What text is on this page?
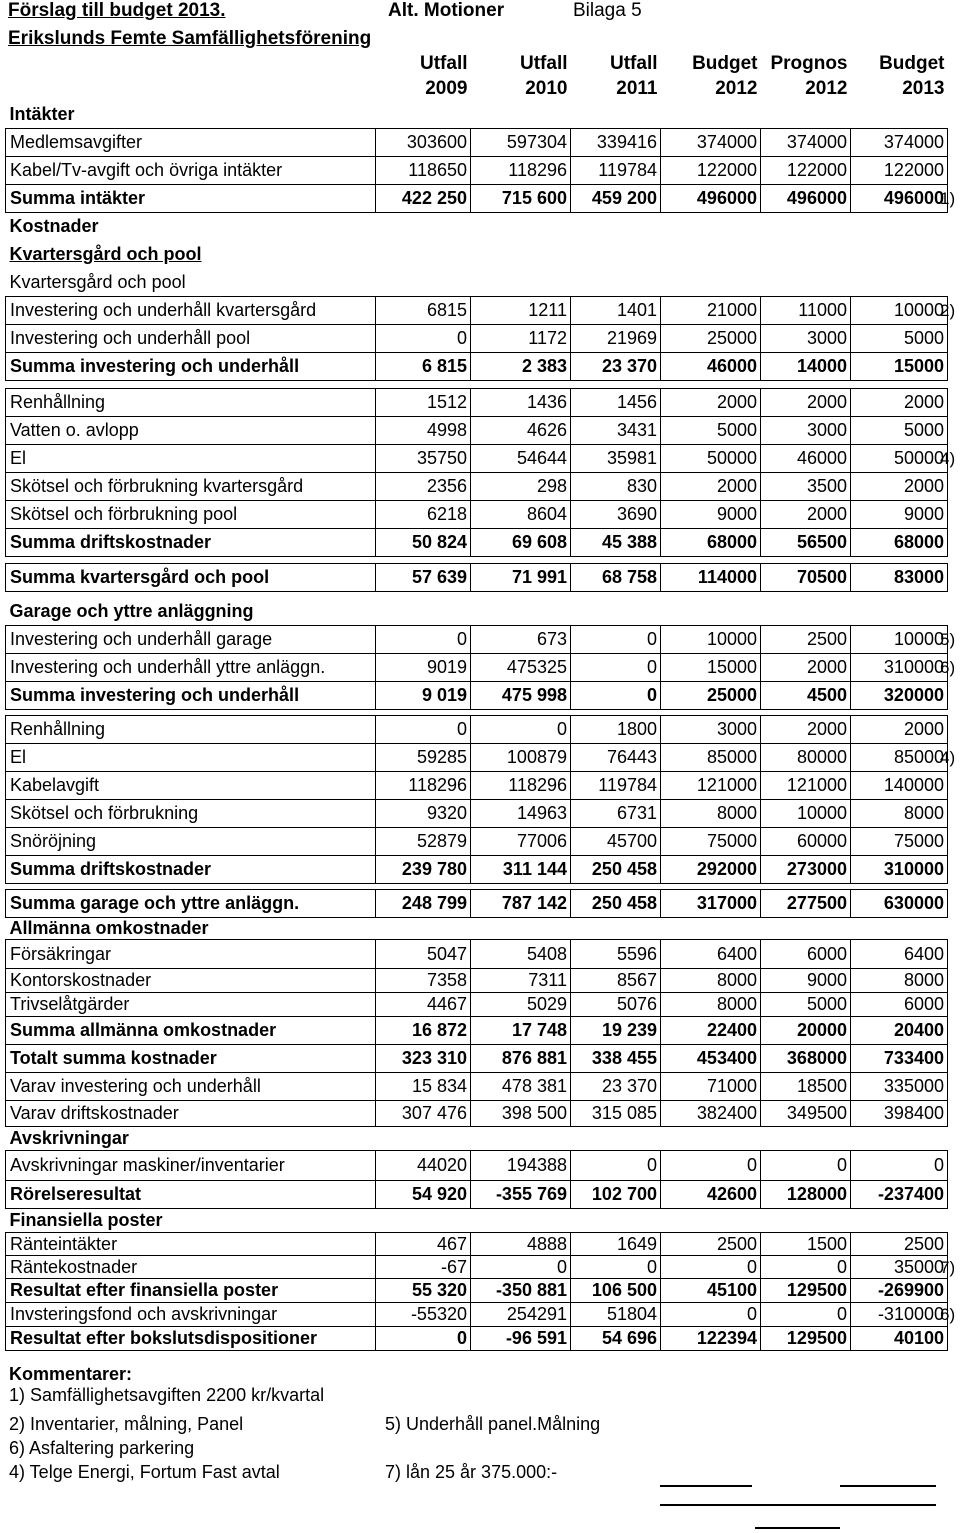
Förslag till budget 2013.	Alt. Motioner	Bilaga 5
Erikslunds Femte Samfällighetsförening
	Utfall	Utfall	Utfall	Budget	Prognos	Budget
	2009	2010	2011	2012	2012	2013
Intäkter						
Medlemsavgifter	303600	597304	339416	374000	374000	374000
Kabel/Tv-avgift och övriga intäkter	118650	118296	119784	122000	122000	122000
Summa intäkter	422 250	715 600	459 200	496000	496000	496000
Kostnader						
Kvartersgård och pool						
Kvartersgård och pool						
Investering och underhåll kvartersgård	6815	1211	1401	21000	11000	10000
Investering och underhåll pool	0	1172	21969	25000	3000	5000
Summa investering och underhåll	6 815	2 383	23 370	46000	14000	15000

Renhållning	1512	1436	1456	2000	2000	2000
Vatten o. avlopp	4998	4626	3431	5000	3000	5000
El	35750	54644	35981	50000	46000	50000
Skötsel och förbrukning kvartersgård	2356	298	830	2000	3500	2000
Skötsel och förbrukning pool	6218	8604	3690	9000	2000	9000
Summa driftskostnader	50 824	69 608	45 388	68000	56500	68000

Summa kvartersgård och pool	57 639	71 991	68 758	114000	70500	83000

Garage och yttre anläggning						
Investering och underhåll garage	0	673	0	10000	2500	10000
Investering och underhåll yttre anläggn.	9019	475325	0	15000	2000	310000
Summa investering och underhåll	9 019	475 998	0	25000	4500	320000

Renhållning	0	0	1800	3000	2000	2000
El	59285	100879	76443	85000	80000	85000
Kabelavgift	118296	118296	119784	121000	121000	140000
Skötsel och förbrukning	9320	14963	6731	8000	10000	8000
Snöröjning	52879	77006	45700	75000	60000	75000
Summa driftskostnader	239 780	311 144	250 458	292000	273000	310000

Summa garage och yttre anläggn.	248 799	787 142	250 458	317000	277500	630000
Allmänna omkostnader						
Försäkringar	5047	5408	5596	6400	6000	6400
Kontorskostnader	7358	7311	8567	8000	9000	8000
Trivselåtgärder	4467	5029	5076	8000	5000	6000
Summa allmänna omkostnader	16 872	17 748	19 239	22400	20000	20400
Totalt summa kostnader	323 310	876 881	338 455	453400	368000	733400
Varav investering och underhåll	15 834	478 381	23 370	71000	18500	335000
Varav driftskostnader	307 476	398 500	315 085	382400	349500	398400
Avskrivningar						
Avskrivningar maskiner/inventarier	44020	194388	0	0	0	0
Rörelseresultat	54 920	-355 769	102 700	42600	128000	-237400
Finansiella poster						
Ränteintäkter	467	4888	1649	2500	1500	2500
Räntekostnader	-67	0	0	0	0	35000
Resultat efter finansiella poster	55 320	-350 881	106 500	45100	129500	-269900
Invsteringsfond och avskrivningar	-55320	254291	51804	0	0	-310000
Resultat efter bokslutsdispositioner	0	-96 591	54 696	122394	129500	40100
1)
2)
4)
5)
6)
4)
7)
6)
Kommentarer:
1) Samfällighetsavgiften 2200 kr/kvartal
2) Inventarier, målning, Panel	5) Underhåll panel.Målning
6) Asfaltering parkering
4) Telge Energi, Fortum Fast avtal	7) lån 25 år 375.000:-
